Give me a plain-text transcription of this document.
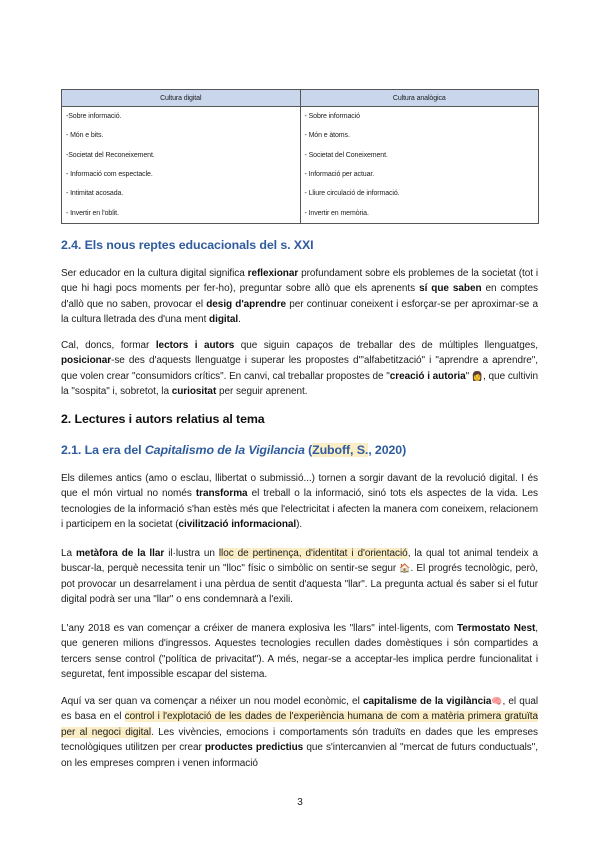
Cultura digital	Cultura analògica
-Sobre informació.	- Sobre informació
- Món e bits.	- Món e àtoms.
-Societat del Reconeixement.	- Societat del Coneixement.
- Informació com espectacle.	- Informació per actuar.
- Intimitat acosada.	- Lliure circulació de informació.
- Invertir en l'oblit.	- Invertir en memòria.
2.4. Els nous reptes educacionals del s. XXI

Ser educador en la cultura digital significa reflexionar profundament sobre els problemes de la societat (tot i que hi hagi pocs moments per fer-ho), preguntar sobre allò que els aprenents sí que saben en comptes d'allò que no saben, provocar el desig d'aprendre per continuar coneixent i esforçar-se per aproximar-se a la cultura lletrada des d'una ment digital.

Cal, doncs, formar lectors i autors que siguin capaços de treballar des de múltiples llenguatges, posicionar-se des d'aquests llenguatge i superar les propostes d'"alfabetització" i "aprendre a aprendre", que volen crear "consumidors crítics". En canvi, cal treballar propostes de "creació i autoria" 👩, que cultivin la "sospita" i, sobretot, la curiositat per seguir aprenent.

2. Lectures i autors relatius al tema
2.1. La era del Capitalismo de la Vigilancia (Zuboff, S., 2020)

Els dilemes antics (amo o esclau, llibertat o submissió...) tornen a sorgir davant de la revolució digital. I és que el món virtual no només transforma el treball o la informació, sinó tots els aspectes de la vida. Les tecnologies de la informació s'han estès més que l'electricitat i afecten la manera com coneixem, relacionem i participem en la societat (civilització informacional).

La metàfora de la llar il·lustra un lloc de pertinença, d'identitat i d'orientació, la qual tot animal tendeix a buscar-la, perquè necessita tenir un "lloc" físic o simbòlic on sentir-se segur 🏠. El progrés tecnològic, però, pot provocar un desarrelament i una pèrdua de sentit d'aquesta "llar". La pregunta actual és saber si el futur digital podrà ser una "llar" o ens condemnarà a l'exili.

L'any 2018 es van començar a créixer de manera explosiva les "llars" intel·ligents, com Termostato Nest, que generen milions d'ingressos. Aquestes tecnologies recullen dades domèstiques i són compartides a tercers sense control ("política de privacitat"). A més, negar-se a acceptar-les implica perdre funcionalitat i seguretat, fent impossible escapar del sistema.

Aquí va ser quan va començar a néixer un nou model econòmic, el capitalisme de la vigilància🧠, el qual es basa en el control i l'explotació de les dades de l'experiència humana de com a matèria primera gratuïta per al negoci digital. Les vivències, emocions i comportaments són traduïts en dades que les empreses tecnològiques utilitzen per crear productes predictius que s'intercanvien al "mercat de futurs conductuals", on les empreses compren i venen informació

3
